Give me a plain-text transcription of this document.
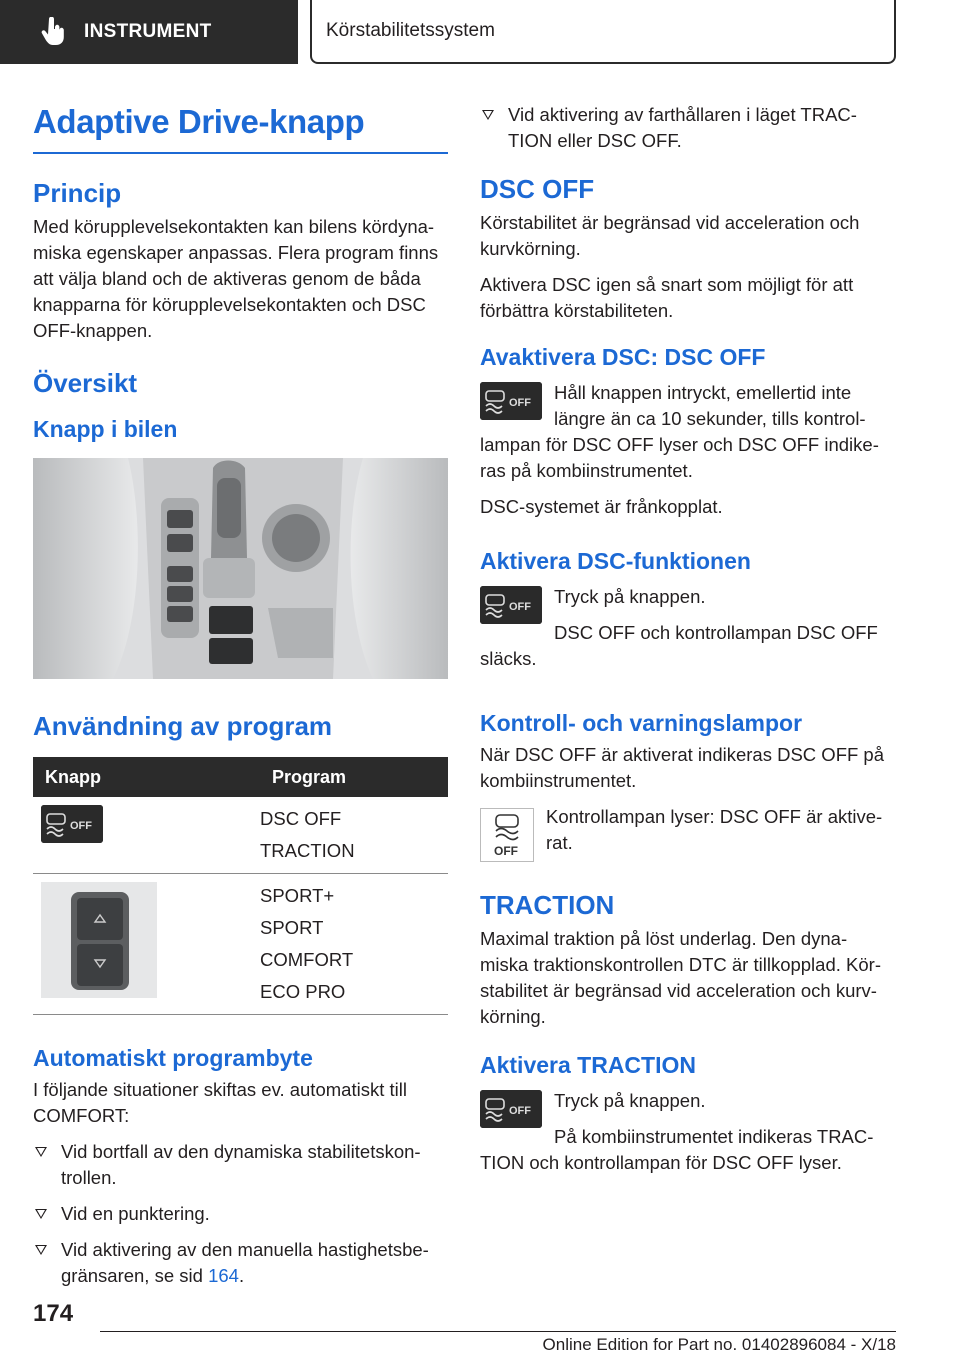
INSTRUMENT	Körstabilitetssystem
Adaptive Drive-knapp
Princip

Med körupplevelsekontakten kan bilens kördyna-miska egenskaper anpassas. Flera program finns att välja bland och de aktiveras genom de båda knapparna för körupplevelsekontakten och DSC OFF-knappen.

Översikt
Knapp i bilen
Användning av program
Knapp	Program

OFF	DSC OFF
TRACTION

SPORT+
SPORT
COMFORT
ECO PRO
Automatiskt programbyte

I följande situationer skiftas ev. automatiskt till COMFORT:

Vid bortfall av den dynamiska stabilitetskon-trollen.
Vid en punktering.
Vid aktivering av den manuella hastighetsbe-gränsaren, se sid 164.
Vid aktivering av farthållaren i läget TRAC-TION eller DSC OFF.
DSC OFF

Körstabilitet är begränsad vid acceleration och kurvkörning.

Aktivera DSC igen så snart som möjligt för att förbättra körstabiliteten.

Avaktivera DSC: DSC OFF
OFF	Håll knappen intryckt, emellertid inte längre än ca 10 sekunder, tills kontrol-lampan för DSC OFF lyser och DSC OFF indike-ras på kombiinstrumentet.

DSC-systemet är frånkopplat.

Aktivera DSC-funktionen
OFF	Tryck på knappen.

DSC OFF och kontrollampan DSC OFF släcks.

Kontroll- och varningslampor

När DSC OFF är aktiverat indikeras DSC OFF på kombiinstrumentet.

OFF

Kontrollampan lyser: DSC OFF är aktive-rat.

TRACTION

Maximal traktion på löst underlag. Den dyna-miska traktionskontrollen DTC är tillkopplad. Kör-stabilitet är begränsad vid acceleration och kurv-körning.

Aktivera TRACTION
OFF	Tryck på knappen.

På kombiinstrumentet indikeras TRAC-TION och kontrollampan för DSC OFF lyser.

174
Online Edition for Part no. 01402896084 - X/18
